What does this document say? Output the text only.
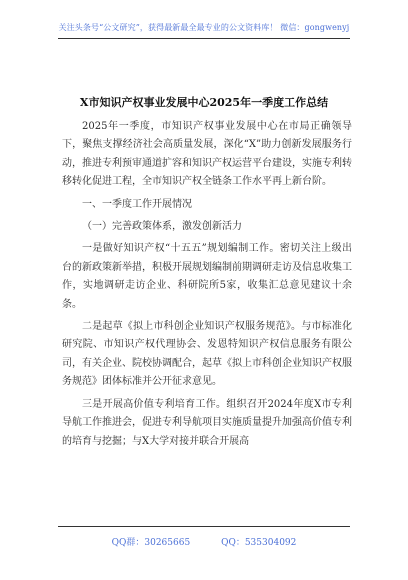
关注头条号“公文研究”，获得最新最全最专业的公文资料库！ 微信：gongwenyj
X市知识产权事业发展中心2025年一季度工作总结

2025年一季度，市知识产权事业发展中心在市局正确领导下，聚焦支撑经济社会高质量发展，深化“X”助力创新发展服务行动，推进专利预审通道扩容和知识产权运营平台建设，实施专利转移转化促进工程，全市知识产权全链条工作水平再上新台阶。

一、一季度工作开展情况

（一）完善政策体系，激发创新活力

一是做好知识产权“十五五”规划编制工作。密切关注上级出台的新政策新举措，积极开展规划编制前期调研走访及信息收集工作，实地调研走访企业、科研院所5家，收集汇总意见建议十余条。

二是起草《拟上市科创企业知识产权服务规范》。与市标准化研究院、市知识产权代理协会、发恩特知识产权信息服务有限公司，有关企业、院校协调配合，起草《拟上市科创企业知识产权服务规范》团体标准并公开征求意见。

三是开展高价值专利培育工作。组织召开2024年度X市专利导航工作推进会，促进专利导航项目实施质量提升加强高价值专利的培育与挖掘；与X大学对接并联合开展高

QQ群：30265665	QQ：535304092
